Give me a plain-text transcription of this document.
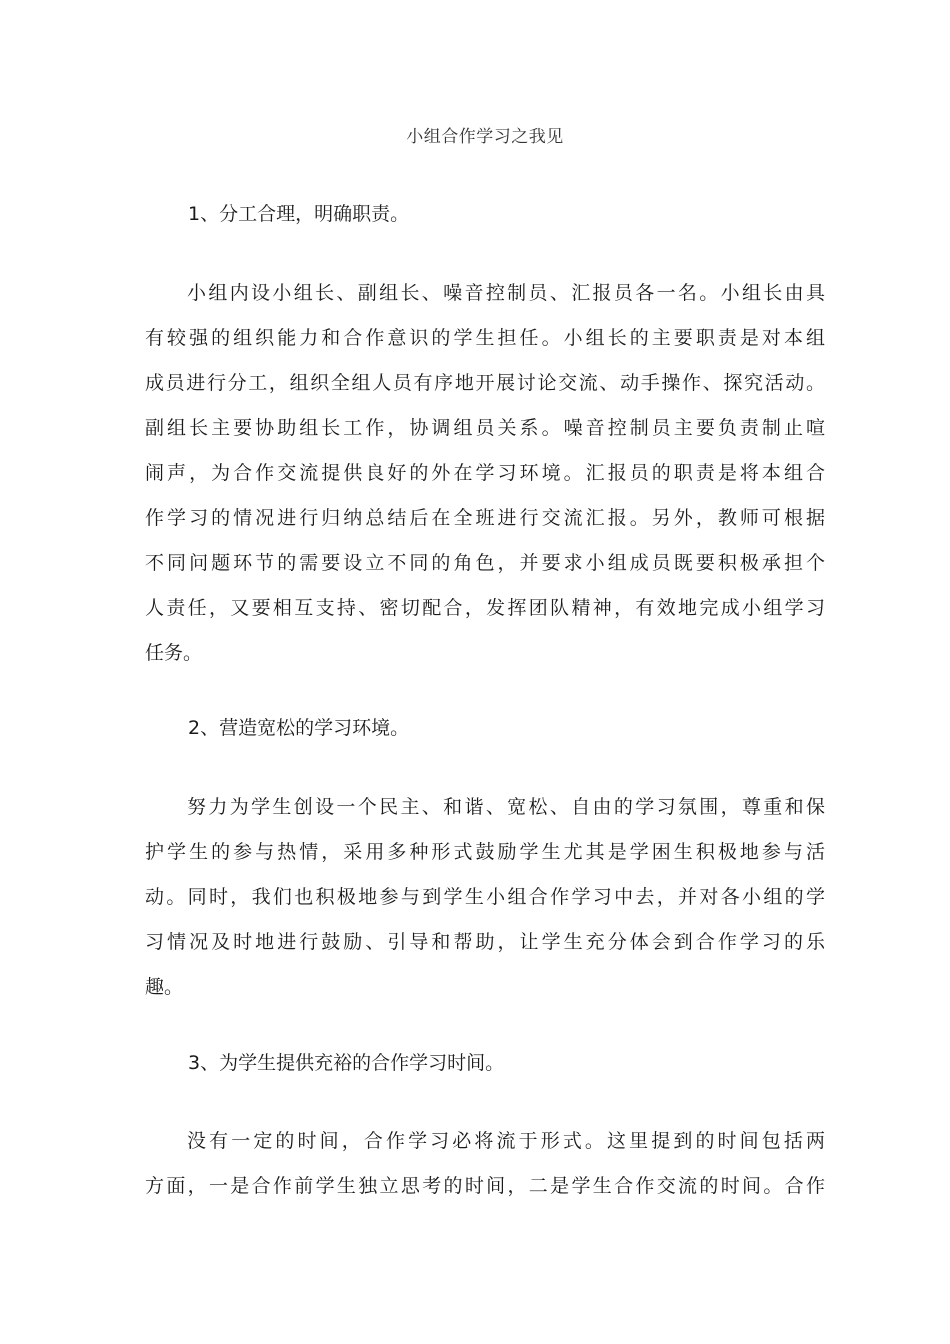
小组合作学习之我见
1、分工合理，明确职责。
小组内设小组长、副组长、噪音控制员、汇报员各一名。小组长由具
有较强的组织能力和合作意识的学生担任。小组长的主要职责是对本组
成员进行分工，组织全组人员有序地开展讨论交流、动手操作、探究活动。
副组长主要协助组长工作，协调组员关系。噪音控制员主要负责制止喧
闹声，为合作交流提供良好的外在学习环境。汇报员的职责是将本组合
作学习的情况进行归纳总结后在全班进行交流汇报。另外，教师可根据
不同问题环节的需要设立不同的角色，并要求小组成员既要积极承担个
人责任，又要相互支持、密切配合，发挥团队精神，有效地完成小组学习
任务。
2、营造宽松的学习环境。
努力为学生创设一个民主、和谐、宽松、自由的学习氛围，尊重和保
护学生的参与热情，采用多种形式鼓励学生尤其是学困生积极地参与活
动。同时，我们也积极地参与到学生小组合作学习中去，并对各小组的学
习情况及时地进行鼓励、引导和帮助，让学生充分体会到合作学习的乐
趣。
3、为学生提供充裕的合作学习时间。
没有一定的时间，合作学习必将流于形式。这里提到的时间包括两
方面，一是合作前学生独立思考的时间，二是学生合作交流的时间。合作
